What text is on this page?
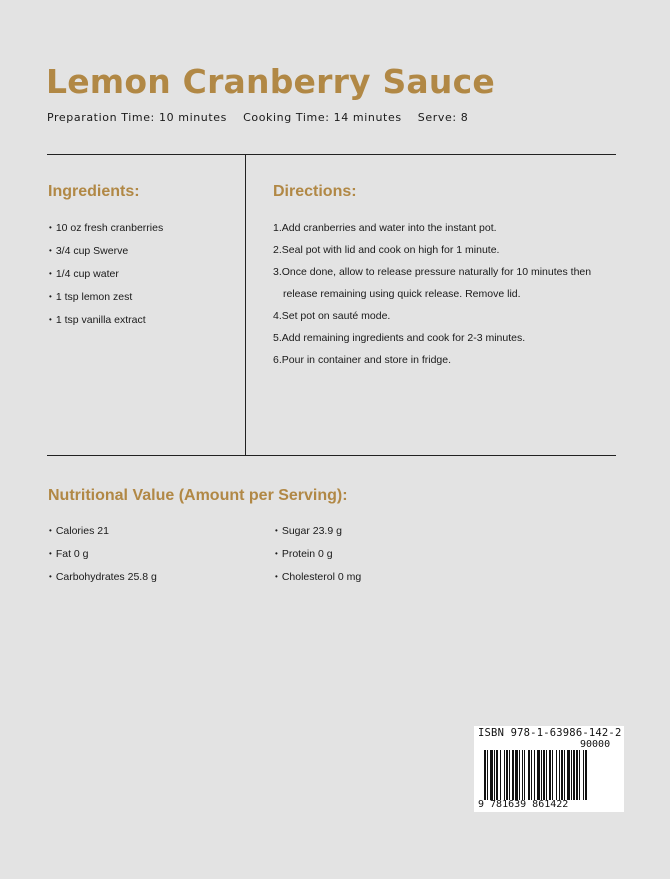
Lemon Cranberry Sauce
Preparation Time: 10 minutes Cooking Time: 14 minutes Serve: 8
Ingredients:
• 10 oz fresh cranberries
• 3/4 cup Swerve
• 1/4 cup water
• 1 tsp lemon zest
• 1 tsp vanilla extract
Directions:
1.Add cranberries and water into the instant pot.
2.Seal pot with lid and cook on high for 1 minute.
3.Once done, allow to release pressure naturally for 10 minutes then release remaining using quick release. Remove lid.
4.Set pot on sauté mode.
5.Add remaining ingredients and cook for 2-3 minutes.
6.Pour in container and store in fridge.
Nutritional Value (Amount per Serving):
• Calories 21
• Fat 0 g
• Carbohydrates 25.8 g
• Sugar 23.9 g
• Protein 0 g
• Cholesterol 0 mg
ISBN 978-1-63986-142-2
90000
9 781639 861422
